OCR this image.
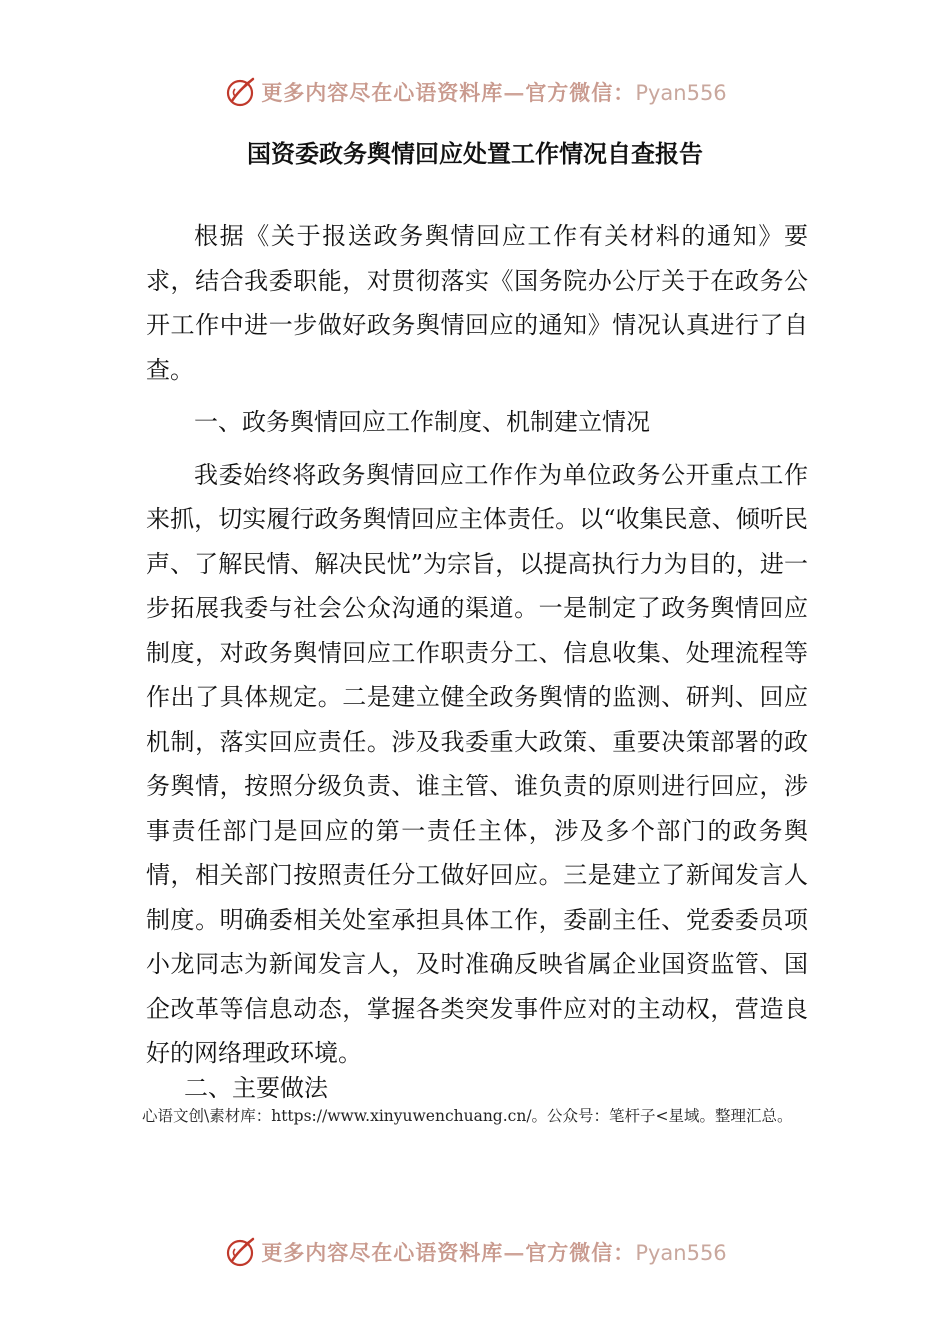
更多内容尽在心语资料库—官方微信：Pyan556
国资委政务舆情回应处置工作情况自查报告

根据《关于报送政务舆情回应工作有关材料的通知》要求，结合我委职能，对贯彻落实《国务院办公厅关于在政务公开工作中进一步做好政务舆情回应的通知》情况认真进行了自查。

一、政务舆情回应工作制度、机制建立情况

我委始终将政务舆情回应工作作为单位政务公开重点工作来抓，切实履行政务舆情回应主体责任。以“收集民意、倾听民声、了解民情、解决民忧”为宗旨，以提高执行力为目的，进一步拓展我委与社会公众沟通的渠道。一是制定了政务舆情回应制度，对政务舆情回应工作职责分工、信息收集、处理流程等作出了具体规定。二是建立健全政务舆情的监测、研判、回应机制，落实回应责任。涉及我委重大政策、重要决策部署的政务舆情，按照分级负责、谁主管、谁负责的原则进行回应，涉事责任部门是回应的第一责任主体，涉及多个部门的政务舆情，相关部门按照责任分工做好回应。三是建立了新闻发言人制度。明确委相关处室承担具体工作，委副主任、党委委员项小龙同志为新闻发言人，及时准确反映省属企业国资监管、国企改革等信息动态，掌握各类突发事件应对的主动权，营造良好的网络理政环境。

二、主要做法
心语文创\素材库：https://www.xinyuwenchuang.cn/。公众号：笔杆子<星域。整理汇总。
更多内容尽在心语资料库—官方微信：Pyan556
